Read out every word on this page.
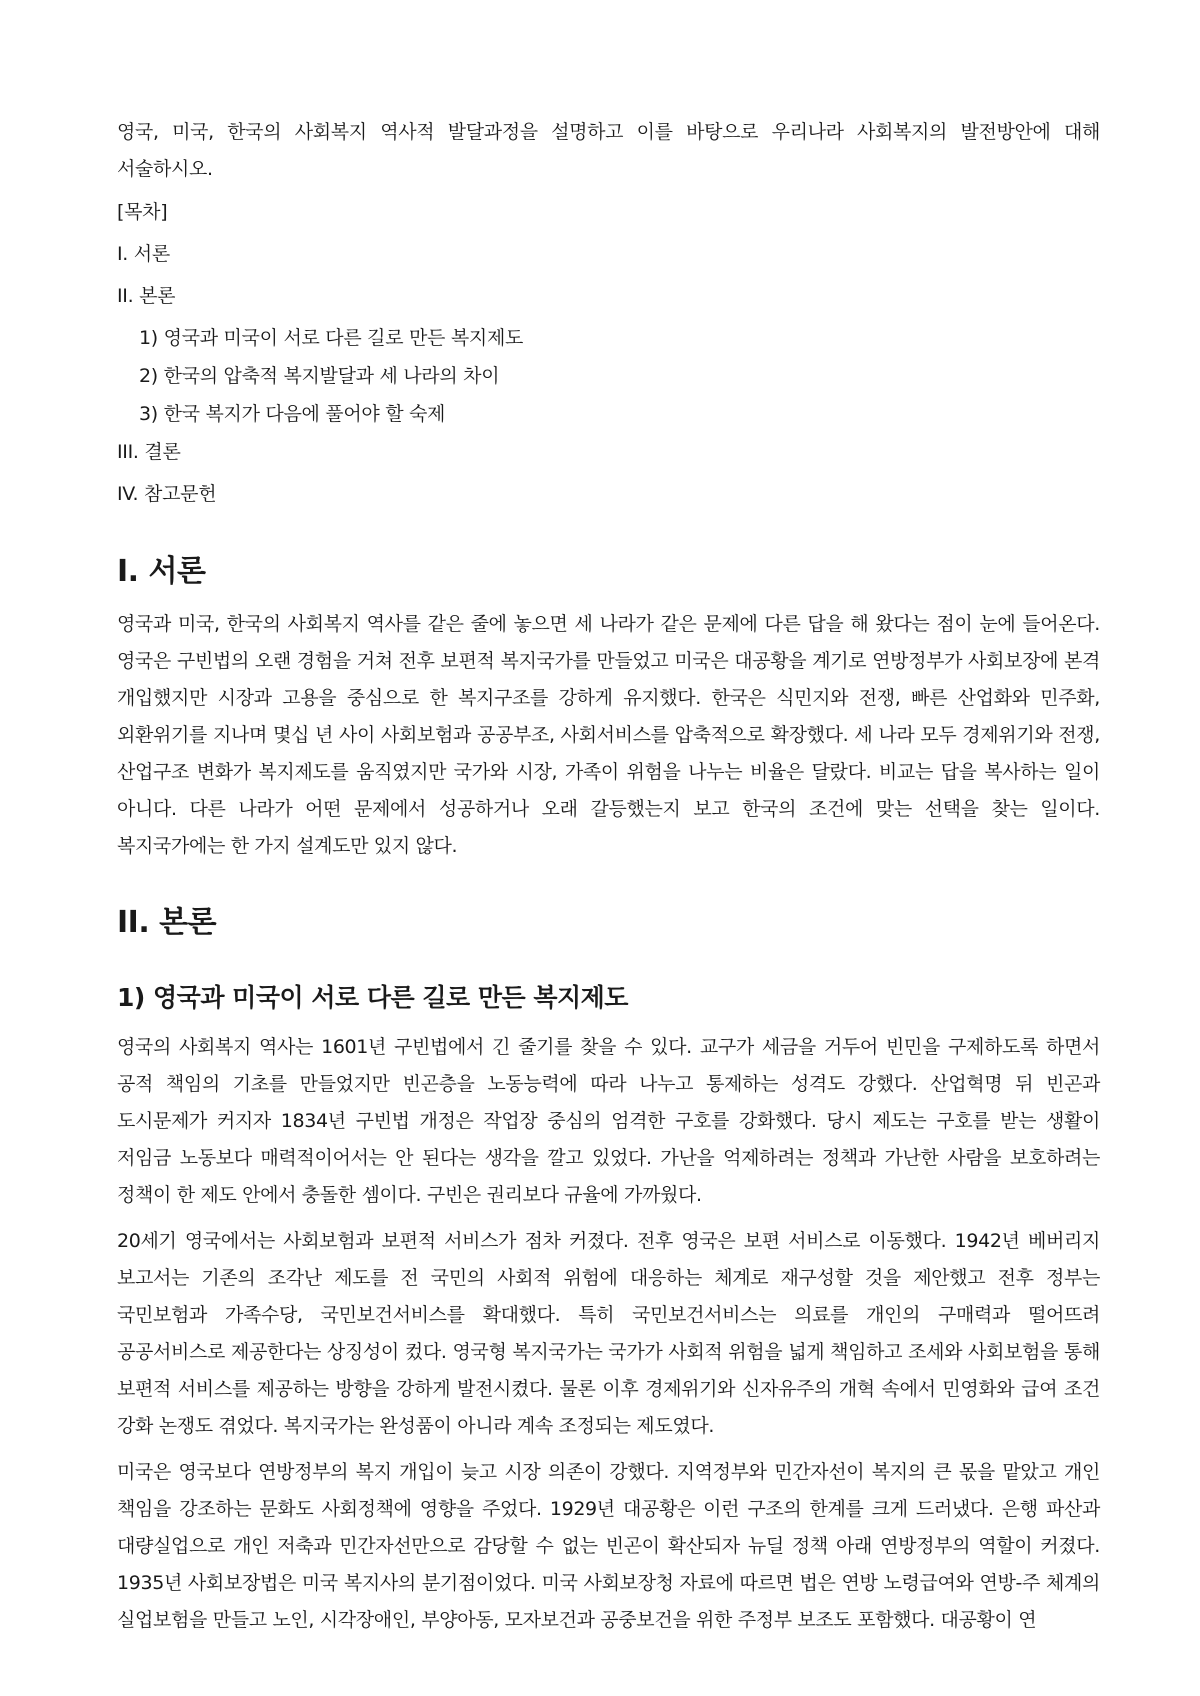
영국, 미국, 한국의 사회복지 역사적 발달과정을 설명하고 이를 바탕으로 우리나라 사회복지의 발전방안에 대해 서술하시오.

[목차]

I. 서론

II. 본론

1) 영국과 미국이 서로 다른 길로 만든 복지제도

2) 한국의 압축적 복지발달과 세 나라의 차이

3) 한국 복지가 다음에 풀어야 할 숙제

III. 결론

IV. 참고문헌

I. 서론

영국과 미국, 한국의 사회복지 역사를 같은 줄에 놓으면 세 나라가 같은 문제에 다른 답을 해 왔다는 점이 눈에 들어온다. 영국은 구빈법의 오랜 경험을 거쳐 전후 보편적 복지국가를 만들었고 미국은 대공황을 계기로 연방정부가 사회보장에 본격 개입했지만 시장과 고용을 중심으로 한 복지구조를 강하게 유지했다. 한국은 식민지와 전쟁, 빠른 산업화와 민주화, 외환위기를 지나며 몇십 년 사이 사회보험과 공공부조, 사회서비스를 압축적으로 확장했다. 세 나라 모두 경제위기와 전쟁, 산업구조 변화가 복지제도를 움직였지만 국가와 시장, 가족이 위험을 나누는 비율은 달랐다. 비교는 답을 복사하는 일이 아니다. 다른 나라가 어떤 문제에서 성공하거나 오래 갈등했는지 보고 한국의 조건에 맞는 선택을 찾는 일이다. 복지국가에는 한 가지 설계도만 있지 않다.

II. 본론
1) 영국과 미국이 서로 다른 길로 만든 복지제도

영국의 사회복지 역사는 1601년 구빈법에서 긴 줄기를 찾을 수 있다. 교구가 세금을 거두어 빈민을 구제하도록 하면서 공적 책임의 기초를 만들었지만 빈곤층을 노동능력에 따라 나누고 통제하는 성격도 강했다. 산업혁명 뒤 빈곤과 도시문제가 커지자 1834년 구빈법 개정은 작업장 중심의 엄격한 구호를 강화했다. 당시 제도는 구호를 받는 생활이 저임금 노동보다 매력적이어서는 안 된다는 생각을 깔고 있었다. 가난을 억제하려는 정책과 가난한 사람을 보호하려는 정책이 한 제도 안에서 충돌한 셈이다. 구빈은 권리보다 규율에 가까웠다.

20세기 영국에서는 사회보험과 보편적 서비스가 점차 커졌다. 전후 영국은 보편 서비스로 이동했다. 1942년 베버리지 보고서는 기존의 조각난 제도를 전 국민의 사회적 위험에 대응하는 체계로 재구성할 것을 제안했고 전후 정부는 국민보험과 가족수당, 국민보건서비스를 확대했다. 특히 국민보건서비스는 의료를 개인의 구매력과 떨어뜨려 공공서비스로 제공한다는 상징성이 컸다. 영국형 복지국가는 국가가 사회적 위험을 넓게 책임하고 조세와 사회보험을 통해 보편적 서비스를 제공하는 방향을 강하게 발전시켰다. 물론 이후 경제위기와 신자유주의 개혁 속에서 민영화와 급여 조건 강화 논쟁도 겪었다. 복지국가는 완성품이 아니라 계속 조정되는 제도였다.

미국은 영국보다 연방정부의 복지 개입이 늦고 시장 의존이 강했다. 지역정부와 민간자선이 복지의 큰 몫을 맡았고 개인 책임을 강조하는 문화도 사회정책에 영향을 주었다. 1929년 대공황은 이런 구조의 한계를 크게 드러냈다. 은행 파산과 대량실업으로 개인 저축과 민간자선만으로 감당할 수 없는 빈곤이 확산되자 뉴딜 정책 아래 연방정부의 역할이 커졌다. 1935년 사회보장법은 미국 복지사의 분기점이었다. 미국 사회보장청 자료에 따르면 법은 연방 노령급여와 연방-주 체계의 실업보험을 만들고 노인, 시각장애인, 부양아동, 모자보건과 공중보건을 위한 주정부 보조도 포함했다. 대공황이 연
